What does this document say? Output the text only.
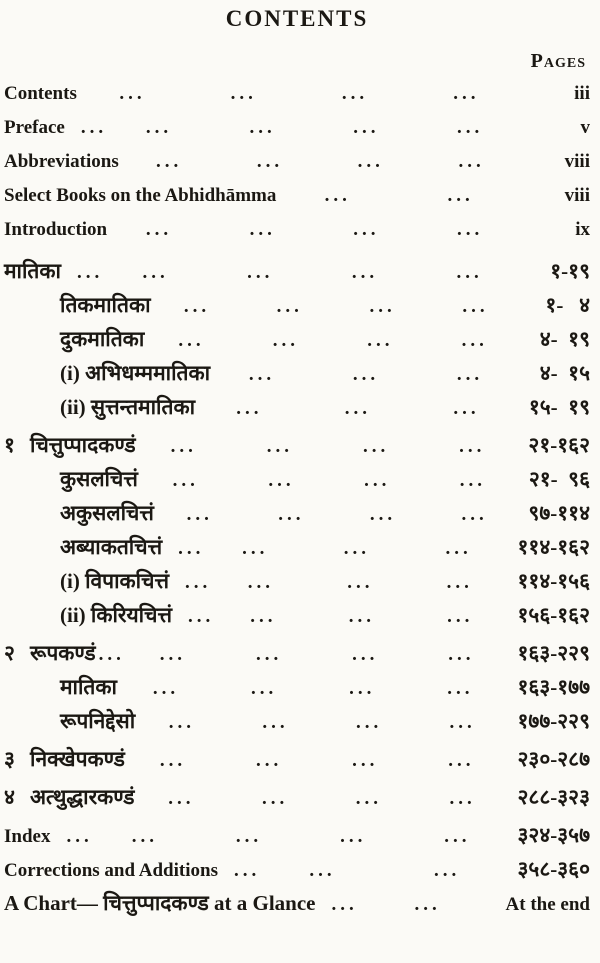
CONTENTS
Pages
Contents ...	...	...	...	iii
Preface ... ...	...	...	...	v
Abbreviations ...	...	...	...	viii
Select Books on the Abhidhāmma	...	...	viii
Introduction ...	...	...	...	ix
मातिका ... ...	...	...	...	१-१९
तिकमातिका ...	...	...	...	१-   ४
दुकमातिका ...	...	...	...	४-  १९
(i) अभिधम्ममातिका ...	...	...	४-  १५
(ii) सुत्तन्तमातिका ...	...	... १५-  १९
१ चित्तुप्पादकण्डं ...	...	...	... २१-१६२
कुसलचित्तं ...	...	...	... २१-  ९६
अकुसलचित्तं ...	...	...	... ९७-११४
अब्याकतचित्तं ... ...	...	... ११४-१६२
(i) विपाकचित्तं ... ...	...	... ११४-१५६
(ii) किरियचित्तं ... ...	...	... १५६-१६२
२ रूपकण्डं ... ...	...	...	... १६३-२२९
मातिका ...	...	...	... १६३-१७७
रूपनिद्देसो ...	...	...	... १७७-२२९
३ निक्खेपकण्डं ...	...	...	... २३०-२८७
४ अत्थुद्धारकण्डं ...	...	...	... २८८-३२३
Index ... ...	...	...	... ३२४-३५७
Corrections and Additions ...	...	...	३५८-३६०
A Chart— चित्तुप्पादकण्ड at a Glance ...	...	At the end
